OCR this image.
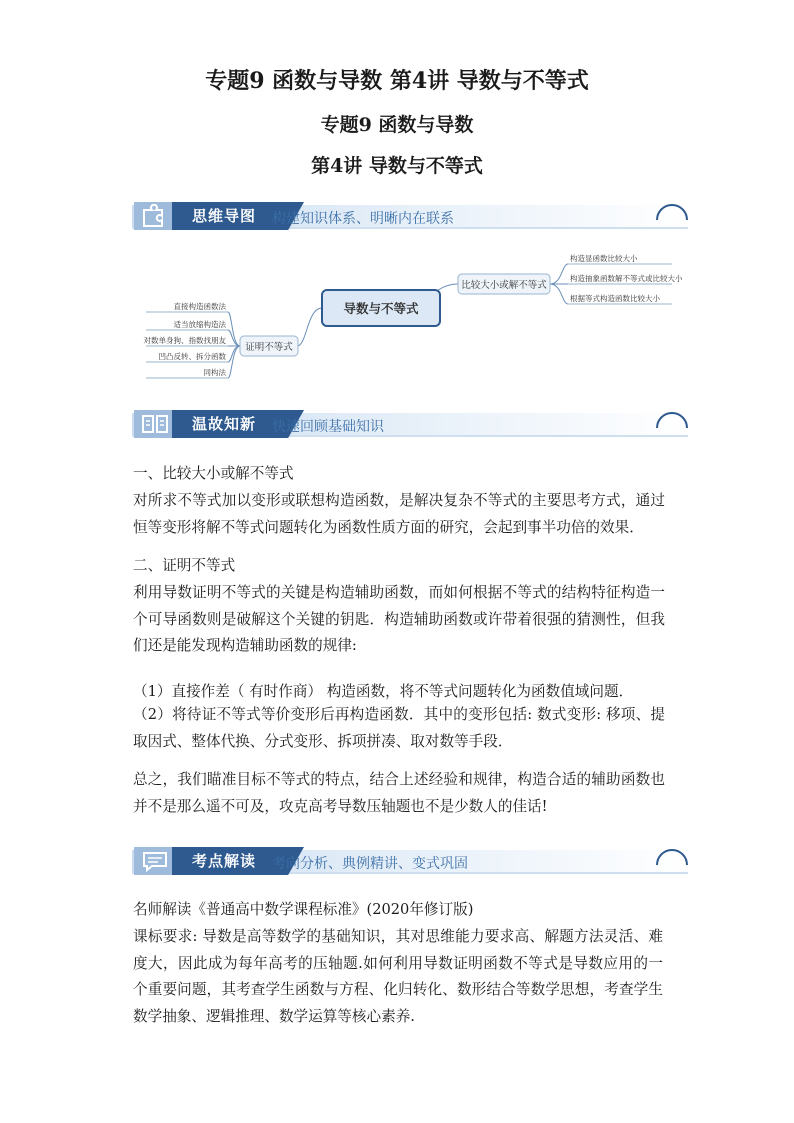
专题9 函数与导数 第4讲 导数与不等式
专题9 函数与导数
第4讲 导数与不等式
思维导图 构建知识体系、明晰内在联系
导数与不等式
比较大小或解不等式
构造显函数比较大小
构造抽象函数解不等式或比较大小
根据等式构造函数比较大小
证明不等式
直接构造函数法
适当放缩构造法
对数单身狗、指数找朋友
凹凸反转、拆分函数
同构法
温故知新 快速回顾基础知识
一、比较大小或解不等式
对所求不等式加以变形或联想构造函数，是解决复杂不等式的主要思考方式，通过恒等变形将解不等式问题转化为函数性质方面的研究，会起到事半功倍的效果．
二、证明不等式
利用导数证明不等式的关键是构造辅助函数，而如何根据不等式的结构特征构造一个可导函数则是破解这个关键的钥匙．构造辅助函数或许带着很强的猜测性，但我们还是能发现构造辅助函数的规律:
（1）直接作差（ 有时作商） 构造函数，将不等式问题转化为函数值域问题．
（2）将待证不等式等价变形后再构造函数．其中的变形包括: 数式变形: 移项、提取因式、整体代换、分式变形、拆项拼凑、取对数等手段．
总之，我们瞄准目标不等式的特点，结合上述经验和规律，构造合适的辅助函数也并不是那么遥不可及，攻克高考导数压轴题也不是少数人的佳话!
考点解读 考向分析、典例精讲、变式巩固
名师解读《普通高中数学课程标准》(2020年修订版)
课标要求: 导数是高等数学的基础知识，其对思维能力要求高、解题方法灵活、难度大，因此成为每年高考的压轴题.如何利用导数证明函数不等式是导数应用的一个重要问题，其考查学生函数与方程、化归转化、数形结合等数学思想，考查学生数学抽象、逻辑推理、数学运算等核心素养.
